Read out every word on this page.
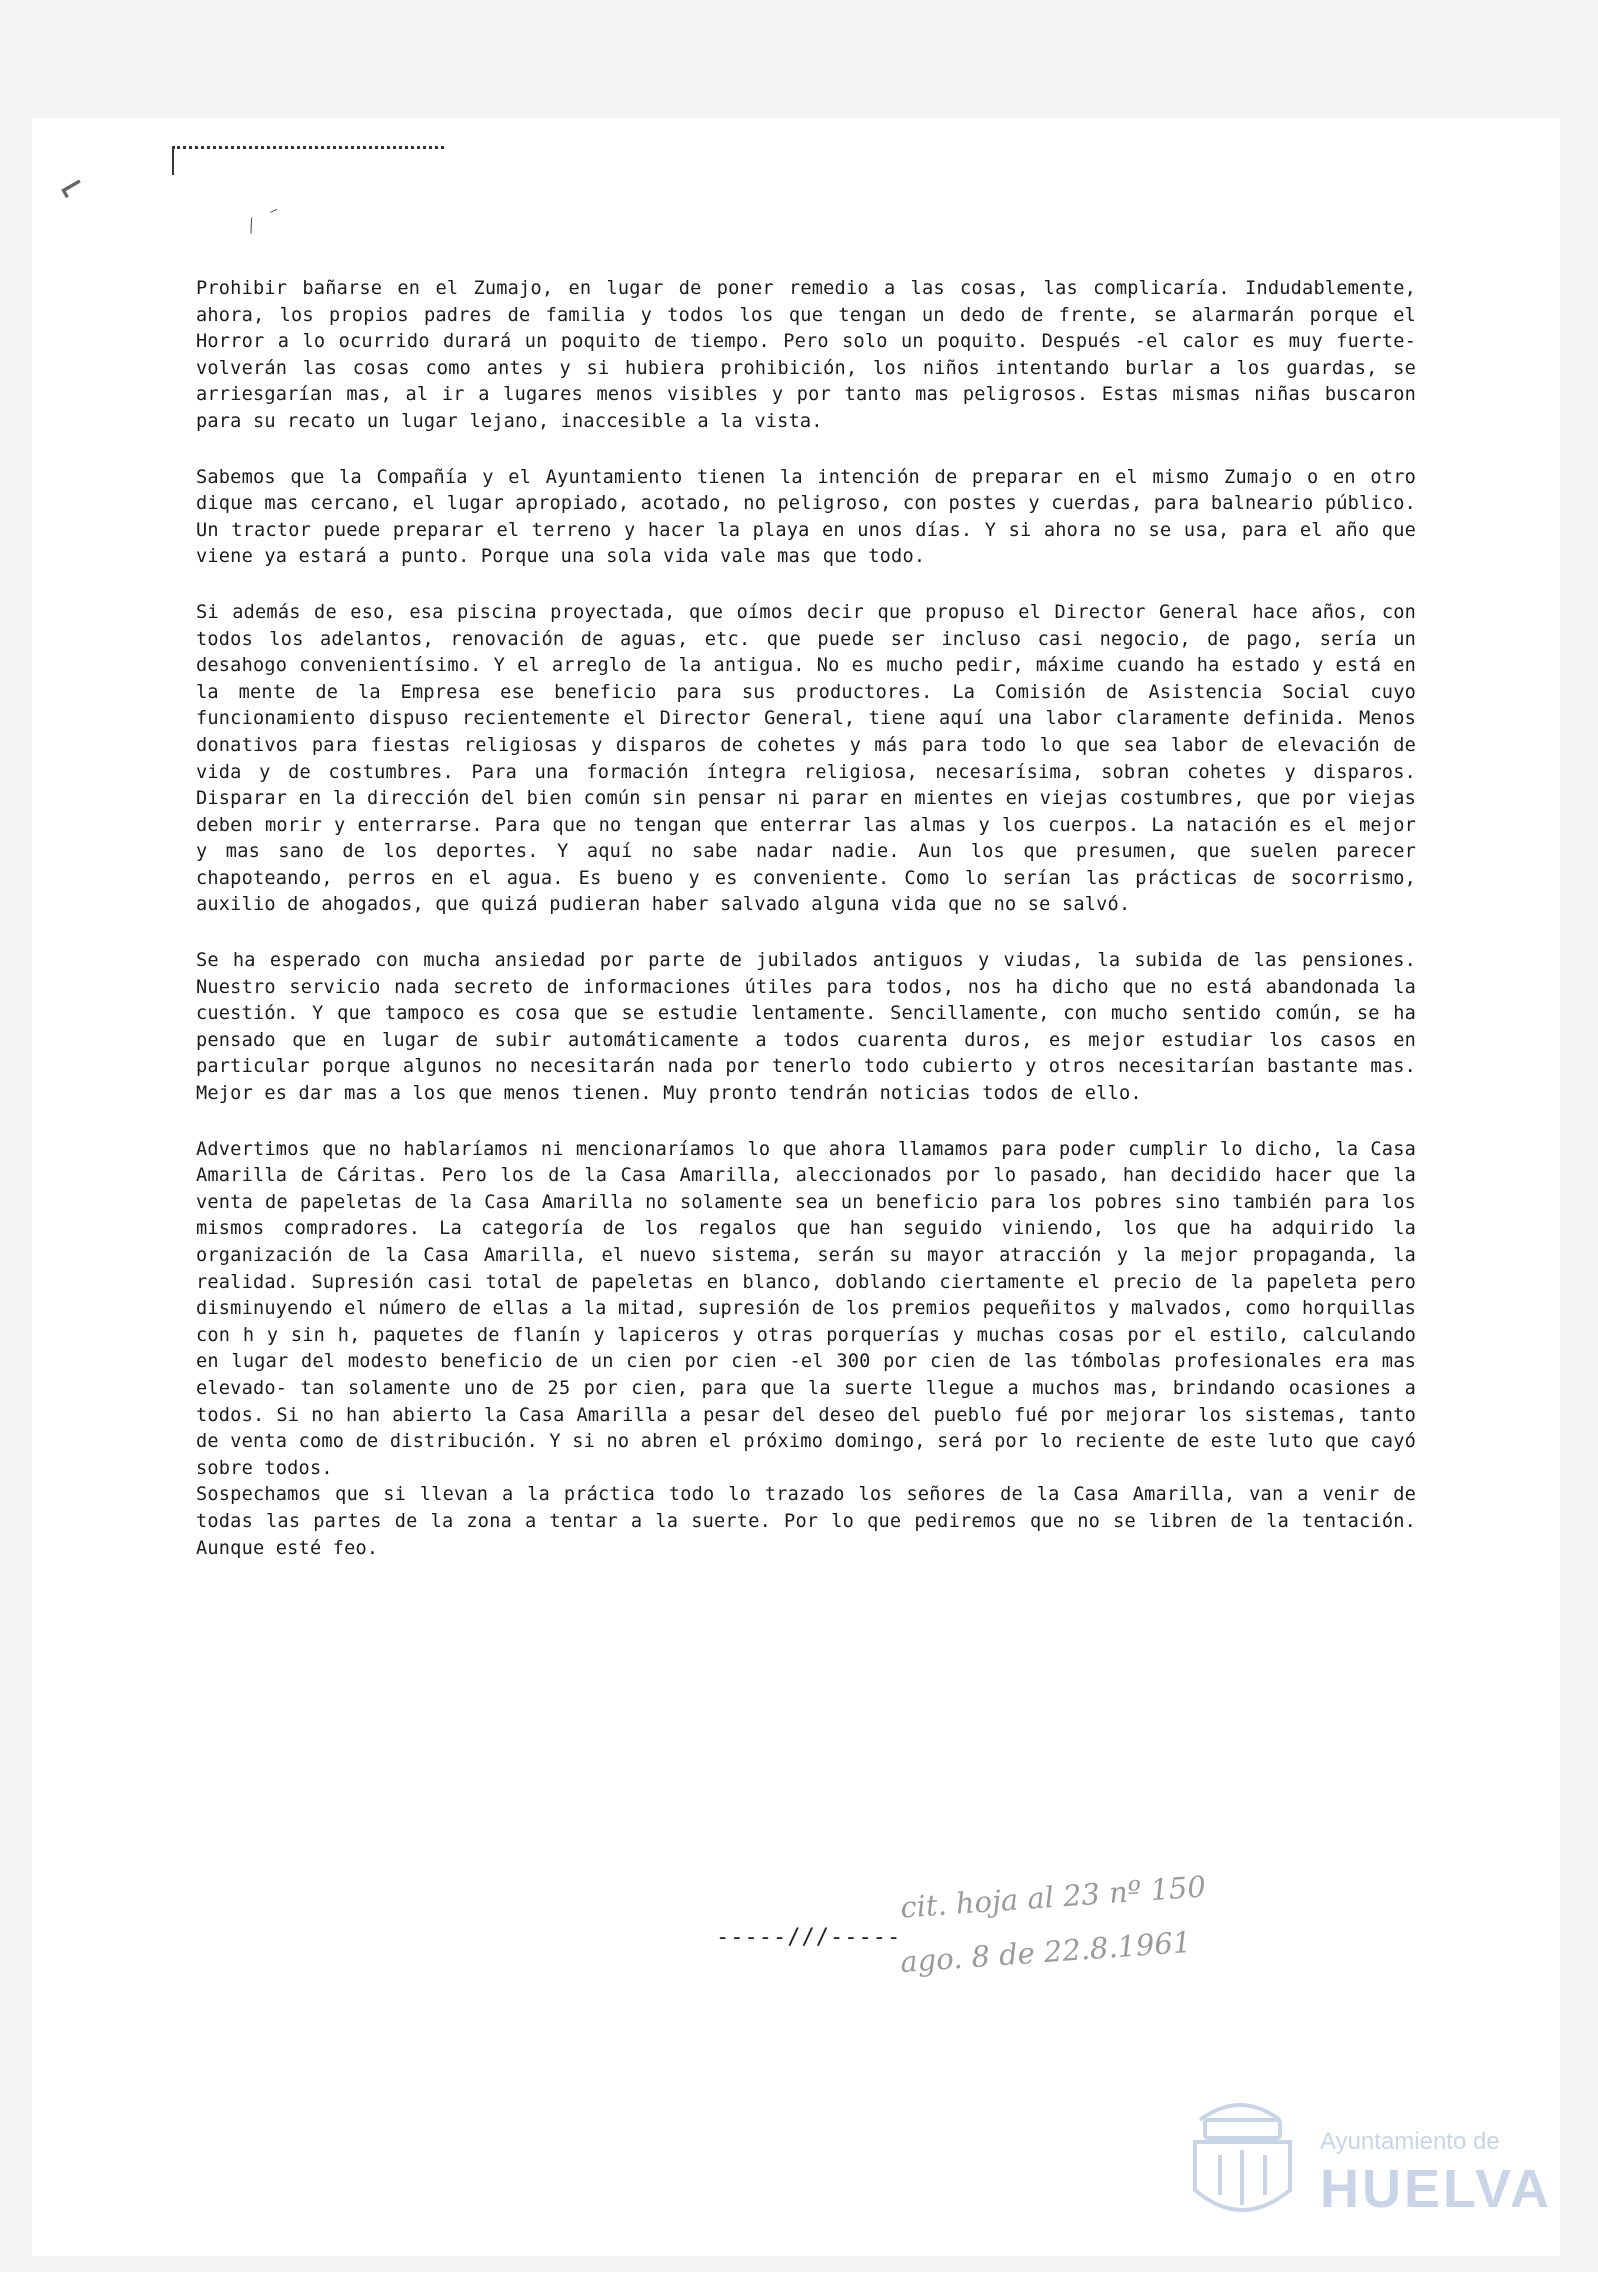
⌐
⁄ ⁻

Prohibir bañarse en el Zumajo, en lugar de poner remedio a las cosas, las complicaría. Indudablemente, ahora, los propios padres de familia y todos los que tengan un dedo de frente, se alarmarán porque el Horror a lo ocurrido durará un poquito de tiempo. Pero solo un poquito. Después -el calor es muy fuerte- volverán las cosas como antes y si hubiera prohibición, los niños intentando burlar a los guardas, se arriesgarían mas, al ir a lugares menos visibles y por tanto mas peligrosos. Estas mismas niñas buscaron para su recato un lugar lejano, inaccesible a la vista.

Sabemos que la Compañía y el Ayuntamiento tienen la intención de preparar en el mismo Zumajo o en otro dique mas cercano, el lugar apropiado, acotado, no peligroso, con postes y cuerdas, para balneario público. Un tractor puede preparar el terreno y hacer la playa en unos días. Y si ahora no se usa, para el año que viene ya estará a punto. Porque una sola vida vale mas que todo.

Si además de eso, esa piscina proyectada, que oímos decir que propuso el Director General hace años, con todos los adelantos, renovación de aguas, etc. que puede ser incluso casi negocio, de pago, sería un desahogo convenientísimo. Y el arreglo de la antigua. No es mucho pedir, máxime cuando ha estado y está en la mente de la Empresa ese beneficio para sus productores. La Comisión de Asistencia Social cuyo funcionamiento dispuso recientemente el Director General, tiene aquí una labor claramente definida. Menos donativos para fiestas religiosas y disparos de cohetes y más para todo lo que sea labor de elevación de vida y de costumbres. Para una formación íntegra religiosa, necesarísima, sobran cohetes y disparos. Disparar en la dirección del bien común sin pensar ni parar en mientes en viejas costumbres, que por viejas deben morir y enterrarse. Para que no tengan que enterrar las almas y los cuerpos. La natación es el mejor y mas sano de los deportes. Y aquí no sabe nadar nadie. Aun los que presumen, que suelen parecer chapoteando, perros en el agua. Es bueno y es conveniente. Como lo serían las prácticas de socorrismo, auxilio de ahogados, que quizá pudieran haber salvado alguna vida que no se salvó.

Se ha esperado con mucha ansiedad por parte de jubilados antiguos y viudas, la subida de las pensiones. Nuestro servicio nada secreto de informaciones útiles para todos, nos ha dicho que no está abandonada la cuestión. Y que tampoco es cosa que se estudie lentamente. Sencillamente, con mucho sentido común, se ha pensado que en lugar de subir automáticamente a todos cuarenta duros, es mejor estudiar los casos en particular porque algunos no necesitarán nada por tenerlo todo cubierto y otros necesitarían bastante mas. Mejor es dar mas a los que menos tienen. Muy pronto tendrán noticias todos de ello.

Advertimos que no hablaríamos ni mencionaríamos lo que ahora llamamos para poder cumplir lo dicho, la Casa Amarilla de Cáritas. Pero los de la Casa Amarilla, aleccionados por lo pasado, han decidido hacer que la venta de papeletas de la Casa Amarilla no solamente sea un beneficio para los pobres sino también para los mismos compradores. La categoría de los regalos que han seguido viniendo, los que ha adquirido la organización de la Casa Amarilla, el nuevo sistema, serán su mayor atracción y la mejor propaganda, la realidad. Supresión casi total de papeletas en blanco, doblando ciertamente el precio de la papeleta pero disminuyendo el número de ellas a la mitad, supresión de los premios pequeñitos y malvados, como horquillas con h y sin h, paquetes de flanín y lapiceros y otras porquerías y muchas cosas por el estilo, calculando en lugar del modesto beneficio de un cien por cien -el 300 por cien de las tómbolas profesionales era mas elevado- tan solamente uno de 25 por cien, para que la suerte llegue a muchos mas, brindando ocasiones a todos. Si no han abierto la Casa Amarilla a pesar del deseo del pueblo fué por mejorar los sistemas, tanto de venta como de distribución. Y si no abren el próximo domingo, será por lo reciente de este luto que cayó sobre todos.

Sospechamos que si llevan a la práctica todo lo trazado los señores de la Casa Amarilla, van a venir de todas las partes de la zona a tentar a la suerte. Por lo que pediremos que no se libren de la tentación. Aunque esté feo.

-----///-----
cit. hoja al 23 nº 150
ago. 8 de 22.8.1961
Ayuntamiento de
HUELVA
